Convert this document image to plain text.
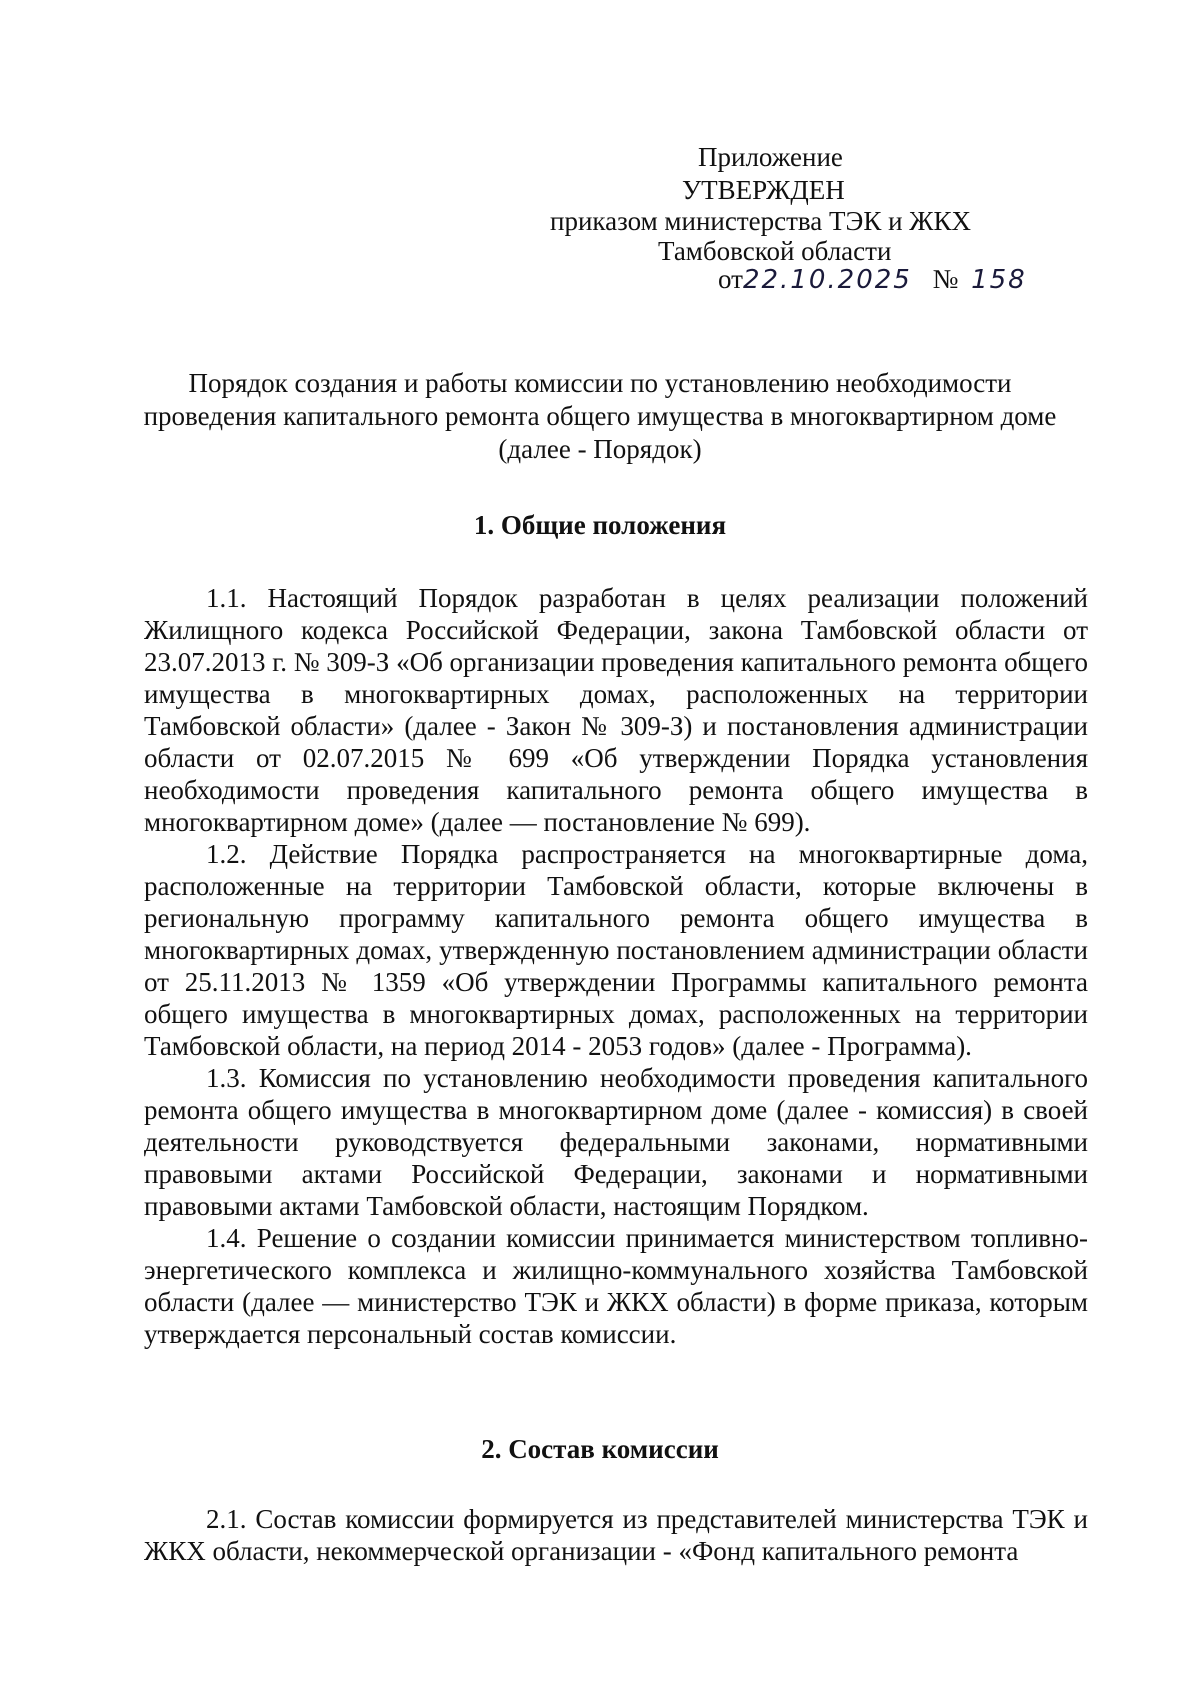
Приложение
УТВЕРЖДЕН
приказом министерства ТЭК и ЖКХ
Тамбовской области
от22.10.2025 № 158
Порядок создания и работы комиссии по установлению необходимости
проведения капитального ремонта общего имущества в многоквартирном доме
(далее - Порядок)
1. Общие положения

1.1. Настоящий Порядок разработан в целях реализации положений Жилищного кодекса Российской Федерации, закона Тамбовской области от 23.07.2013 г. № 309-З «Об организации проведения капитального ремонта общего имущества в многоквартирных домах, расположенных на территории Тамбовской области» (далее - Закон № 309-З) и постановления администрации области от 02.07.2015 № 699 «Об утверждении Порядка установления необходимости проведения капитального ремонта общего имущества в многоквартирном доме» (далее — постановление № 699).

1.2. Действие Порядка распространяется на многоквартирные дома, расположенные на территории Тамбовской области, которые включены в региональную программу капитального ремонта общего имущества в многоквартирных домах, утвержденную постановлением администрации области от 25.11.2013 № 1359 «Об утверждении Программы капитального ремонта общего имущества в многоквартирных домах, расположенных на территории Тамбовской области, на период 2014 - 2053 годов» (далее - Программа).

1.3. Комиссия по установлению необходимости проведения капитального ремонта общего имущества в многоквартирном доме (далее - комиссия) в своей деятельности руководствуется федеральными законами, нормативными правовыми актами Российской Федерации, законами и нормативными правовыми актами Тамбовской области, настоящим Порядком.

1.4. Решение о создании комиссии принимается министерством топливно-энергетического комплекса и жилищно-коммунального хозяйства Тамбовской области (далее — министерство ТЭК и ЖКХ области) в форме приказа, которым утверждается персональный состав комиссии.

2. Состав комиссии

2.1. Состав комиссии формируется из представителей министерства ТЭК и ЖКХ области, некоммерческой организации - «Фонд капитального ремонта
